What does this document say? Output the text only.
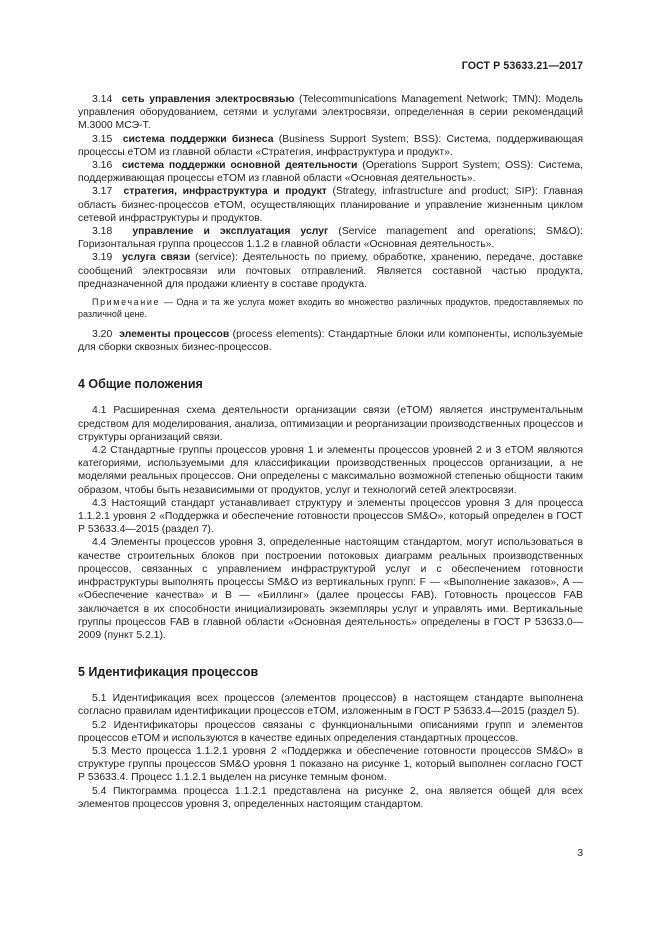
ГОСТ Р 53633.21—2017

3.14 сеть управления электросвязью (Telecommunications Management Network; TMN): Модель управления оборудованием, сетями и услугами электросвязи, определенная в серии рекомендаций М.3000 МСЭ-Т.

3.15 система поддержки бизнеса (Business Support System; BSS): Система, поддерживающая процессы eTOM из главной области «Стратегия, инфраструктура и продукт».

3.16 система поддержки основной деятельности (Operations Support System; OSS): Система, поддерживающая процессы eTOM из главной области «Основная деятельность».

3.17 стратегия, инфраструктура и продукт (Strategy, infrastructure and product; SIP): Главная область бизнес-процессов eTOM, осуществляющих планирование и управление жизненным циклом сетевой инфраструктуры и продуктов.

3.18 управление и эксплуатация услуг (Service management and operations; SM&O): Горизонтальная группа процессов 1.1.2 в главной области «Основная деятельность».

3.19 услуга связи (service): Деятельность по приему, обработке, хранению, передаче, доставке сообщений электросвязи или почтовых отправлений. Является составной частью продукта, предназначенной для продажи клиенту в составе продукта.

Примечание — Одна и та же услуга может входить во множество различных продуктов, предоставляемых по различной цене.

3.20 элементы процессов (process elements): Стандартные блоки или компоненты, используемые для сборки сквозных бизнес-процессов.

4 Общие положения

4.1 Расширенная схема деятельности организации связи (eTOM) является инструментальным средством для моделирования, анализа, оптимизации и реорганизации производственных процессов и структуры организаций связи.

4.2 Стандартные группы процессов уровня 1 и элементы процессов уровней 2 и 3 eTOM являются категориями, используемыми для классификации производственных процессов организации, а не моделями реальных процессов. Они определены с максимально возможной степенью общности таким образом, чтобы быть независимыми от продуктов, услуг и технологий сетей электросвязи.

4.3 Настоящий стандарт устанавливает структуру и элементы процессов уровня 3 для процесса 1.1.2.1 уровня 2 «Поддержка и обеспечение готовности процессов SM&O», который определен в ГОСТ Р 53633.4—2015 (раздел 7).

4.4 Элементы процессов уровня 3, определенные настоящим стандартом, могут использоваться в качестве строительных блоков при построении потоковых диаграмм реальных производственных процессов, связанных с управлением инфраструктурой услуг и с обеспечением готовности инфраструктуры выполнять процессы SM&O из вертикальных групп: F — «Выполнение заказов», A — «Обеспечение качества» и B — «Биллинг» (далее процессы FAB). Готовность процессов FAB заключается в их способности инициализировать экземпляры услуг и управлять ими. Вертикальные группы процессов FAB в главной области «Основная деятельность» определены в ГОСТ Р 53633.0—2009 (пункт 5.2.1).

5 Идентификация процессов

5.1 Идентификация всех процессов (элементов процессов) в настоящем стандарте выполнена согласно правилам идентификации процессов eTOM, изложенным в ГОСТ Р 53633.4—2015 (раздел 5).

5.2 Идентификаторы процессов связаны с функциональными описаниями групп и элементов процессов eTOM и используются в качестве единых определения стандартных процессов.

5.3 Место процесса 1.1.2.1 уровня 2 «Поддержка и обеспечение готовности процессов SM&O» в структуре группы процессов SM&O уровня 1 показано на рисунке 1, который выполнен согласно ГОСТ Р 53633.4. Процесс 1.1.2.1 выделен на рисунке темным фоном.

5.4 Пиктограмма процесса 1.1.2.1 представлена на рисунке 2, она является общей для всех элементов процессов уровня 3, определенных настоящим стандартом.

3
